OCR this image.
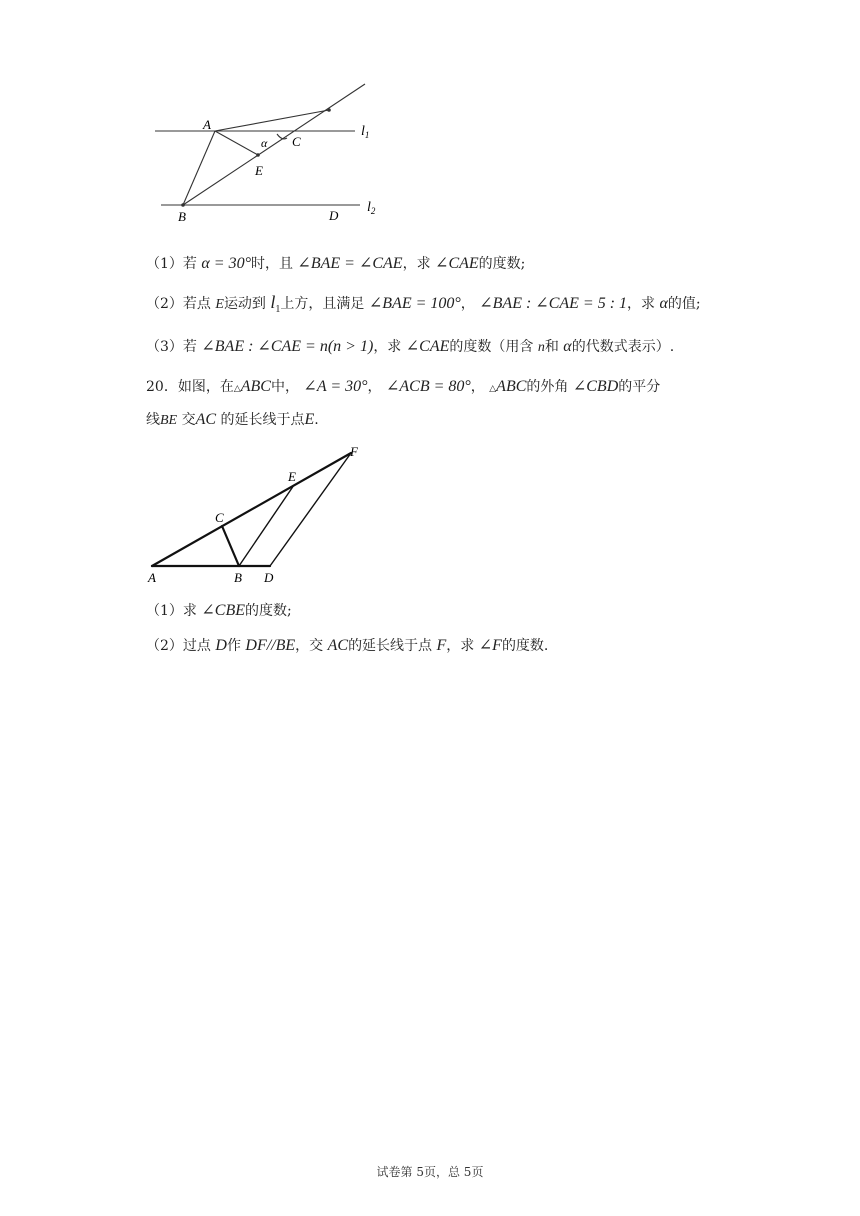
A
α C
E
B	D
$l_1$
$l_2$
（1）若 α = 30°时，且 ∠BAE = ∠CAE，求 ∠CAE的度数;
（2）若点 E运动到 $l_1$上方，且满足 ∠BAE = 100°， ∠BAE : ∠CAE = 5 : 1，求 α的值;
（3）若 ∠BAE : ∠CAE = n(n > 1)，求 ∠CAE的度数（用含 n和 α的代数式表示）.
20．如图，在△ABC中， ∠A = 30°， ∠ACB = 80°， △ABC的外角 ∠CBD的平分
线BE 交AC 的延长线于点E.
A	B D
C
E
F
（1）求 ∠CBE的度数;
（2）过点 D作 DF//BE，交 AC的延长线于点 F，求 ∠F的度数.
试卷第 5页，总 5页
